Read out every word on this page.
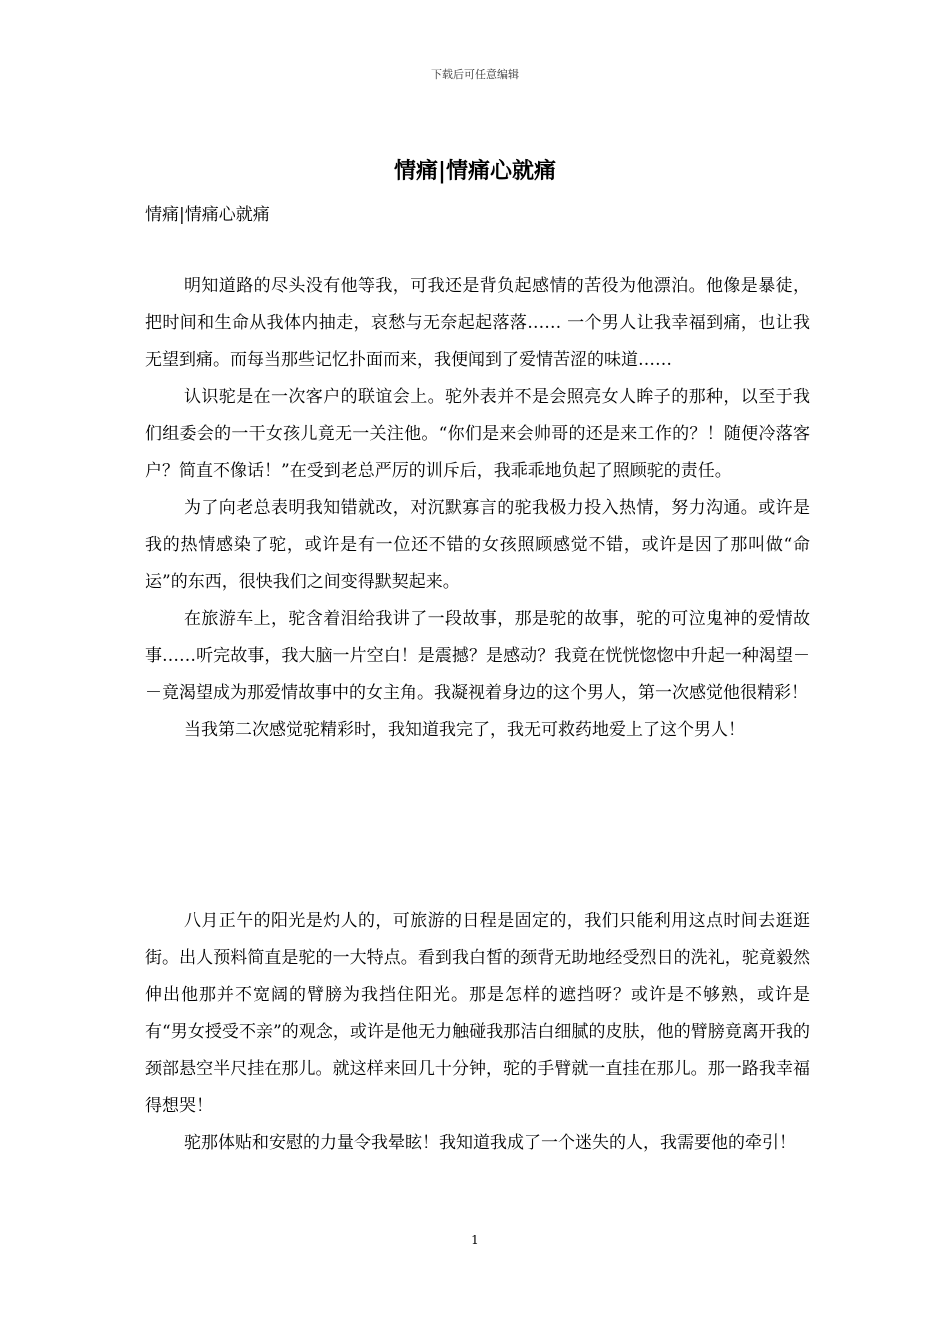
下载后可任意编辑
情痛|情痛心就痛
情痛|情痛心就痛

明知道路的尽头没有他等我，可我还是背负起感情的苦役为他漂泊。他像是暴徒，把时间和生命从我体内抽走，哀愁与无奈起起落落…… 一个男人让我幸福到痛，也让我无望到痛。而每当那些记忆扑面而来，我便闻到了爱情苦涩的味道……

认识驼是在一次客户的联谊会上。驼外表并不是会照亮女人眸子的那种，以至于我们组委会的一干女孩儿竟无一关注他。“你们是来会帅哥的还是来工作的？！随便冷落客户？简直不像话！”在受到老总严厉的训斥后，我乖乖地负起了照顾驼的责任。

为了向老总表明我知错就改，对沉默寡言的驼我极力投入热情，努力沟通。或许是我的热情感染了驼，或许是有一位还不错的女孩照顾感觉不错，或许是因了那叫做“命运”的东西，很快我们之间变得默契起来。

在旅游车上，驼含着泪给我讲了一段故事，那是驼的故事，驼的可泣鬼神的爱情故事……听完故事，我大脑一片空白！是震撼？是感动？我竟在恍恍惚惚中升起一种渴望－－竟渴望成为那爱情故事中的女主角。我凝视着身边的这个男人，第一次感觉他很精彩！

当我第二次感觉驼精彩时，我知道我完了，我无可救药地爱上了这个男人！

八月正午的阳光是灼人的，可旅游的日程是固定的，我们只能利用这点时间去逛逛街。出人预料简直是驼的一大特点。看到我白皙的颈背无助地经受烈日的洗礼，驼竟毅然伸出他那并不宽阔的臂膀为我挡住阳光。那是怎样的遮挡呀？或许是不够熟，或许是有“男女授受不亲”的观念，或许是他无力触碰我那洁白细腻的皮肤，他的臂膀竟离开我的颈部悬空半尺挂在那儿。就这样来回几十分钟，驼的手臂就一直挂在那儿。那一路我幸福得想哭！

驼那体贴和安慰的力量令我晕眩！我知道我成了一个迷失的人，我需要他的牵引！

1
